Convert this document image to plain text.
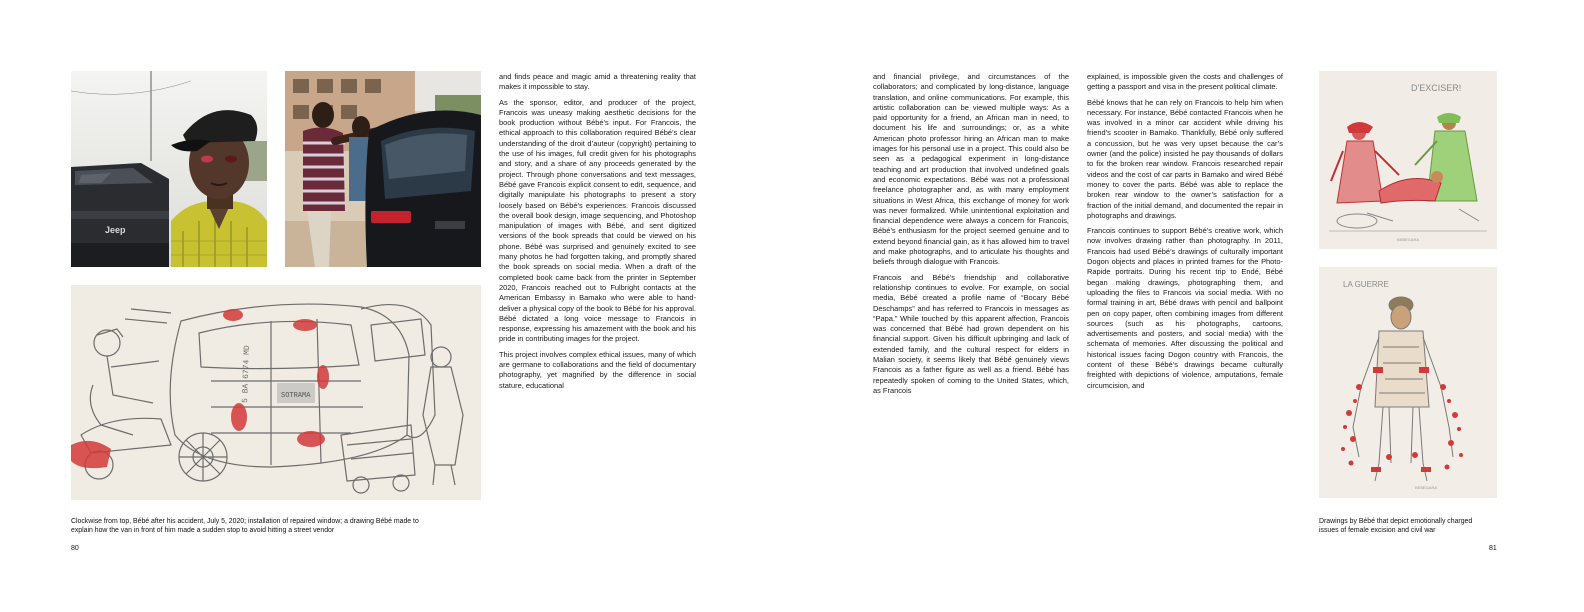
Jeep
5 BA 6774 MD	SOTRAMA
Clockwise from top, Bébé after his accident, July 5, 2020; installation of repaired window; a drawing Bébé made to
explain how the van in front of him made a sudden stop to avoid hitting a street vendor
80

and finds peace and magic amid a threatening reality that makes it impossible to stay.

As the sponsor, editor, and producer of the project, Francois was uneasy making aesthetic decisions for the book production without Bébé’s input. For Francois, the ethical approach to this collaboration required Bébé’s clear understanding of the droit d’auteur (copyright) pertaining to the use of his images, full credit given for his photographs and story, and a share of any proceeds generated by the project. Through phone conversations and text messages, Bébé gave Francois explicit consent to edit, sequence, and digitally manipulate his photographs to present a story loosely based on Bébé’s experiences. Francois discussed the overall book design, image sequencing, and Photoshop manipulation of images with Bébé, and sent digitized versions of the book spreads that could be viewed on his phone. Bébé was surprised and genuinely excited to see many photos he had forgotten taking, and promptly shared the book spreads on social media. When a draft of the completed book came back from the printer in September 2020, Francois reached out to Fulbright contacts at the American Embassy in Bamako who were able to hand-deliver a physical copy of the book to Bébé for his approval. Bébé dictated a long voice message to Francois in response, expressing his amazement with the book and his pride in contributing images for the project.

This project involves complex ethical issues, many of which are germane to collaborations and the field of documentary photography, yet magnified by the difference in social stature, educational

and financial privilege, and circumstances of the collaborators; and complicated by long-distance, language translation, and online communications. For example, this artistic collaboration can be viewed multiple ways: As a paid opportunity for a friend, an African man in need, to document his life and surroundings; or, as a white American photo professor hiring an African man to make images for his personal use in a project. This could also be seen as a pedagogical experiment in long-distance teaching and art production that involved undefined goals and economic expectations. Bébé was not a professional freelance photographer and, as with many employment situations in West Africa, this exchange of money for work was never formalized. While unintentional exploitation and financial dependence were always a concern for Francois, Bébé’s enthusiasm for the project seemed genuine and to extend beyond financial gain, as it has allowed him to travel and make photographs, and to articulate his thoughts and beliefs through dialogue with Francois.

Francois and Bébé’s friendship and collaborative relationship continues to evolve. For example, on social media, Bébé created a profile name of “Bocary Bébé Deschamps” and has referred to Francois in messages as “Papa.” While touched by this apparent affection, Francois was concerned that Bébé had grown dependent on his financial support. Given his difficult upbringing and lack of extended family, and the cultural respect for elders in Malian society, it seems likely that Bébé genuinely views Francois as a father figure as well as a friend. Bébé has repeatedly spoken of coming to the United States, which, as Francois

explained, is impossible given the costs and challenges of getting a passport and visa in the present political climate.

Bébé knows that he can rely on Francois to help him when necessary. For instance, Bébé contacted Francois when he was involved in a minor car accident while driving his friend’s scooter in Bamako. Thankfully, Bébé only suffered a concussion, but he was very upset because the car’s owner (and the police) insisted he pay thousands of dollars to fix the broken rear window. Francois researched repair videos and the cost of car parts in Bamako and wired Bébé money to cover the parts. Bébé was able to replace the broken rear window to the owner’s satisfaction for a fraction of the initial demand, and documented the repair in photographs and drawings.

Francois continues to support Bébé’s creative work, which now involves drawing rather than photography. In 2011, Francois had used Bébé’s drawings of culturally important Dogon objects and places in printed frames for the Photo-Rapide portraits. During his recent trip to Endé, Bébé began making drawings, photographing them, and uploading the files to Francois via social media. With no formal training in art, Bébé draws with pencil and ballpoint pen on copy paper, often combining images from different sources (such as his photographs, cartoons, advertisements and posters, and social media) with the schemata of memories. After discussing the political and historical issues facing Dogon country with Francois, the content of these Bébé’s drawings became culturally freighted with depictions of violence, amputations, female circumcision, and

D'EXCISER!
BEBEGARA
LA GUERRE
BEBEGARA
Drawings by Bébé that depict emotionally charged
issues of female excision and civil war
81
